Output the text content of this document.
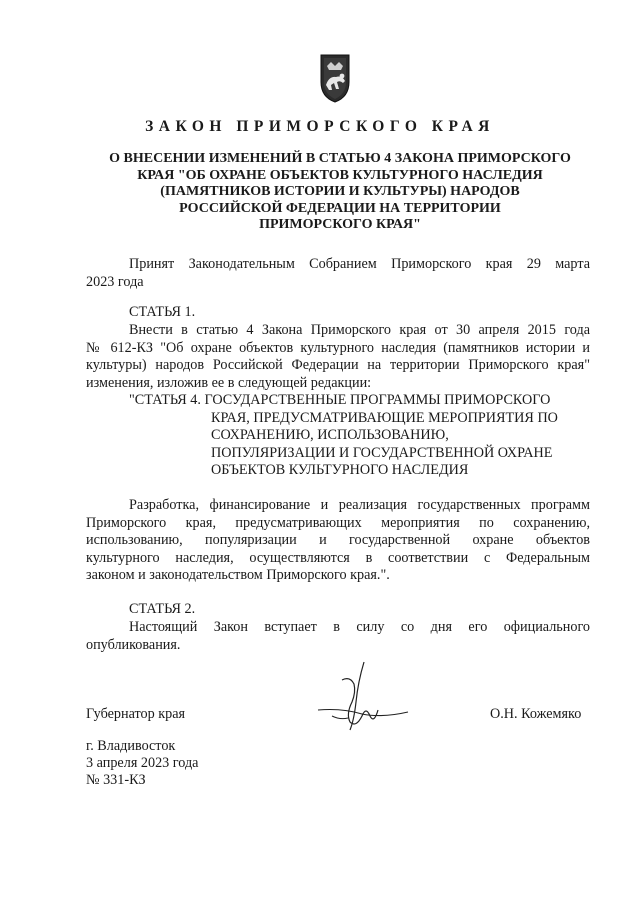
ЗАКОН ПРИМОРСКОГО КРАЯ
О ВНЕСЕНИИ ИЗМЕНЕНИЙ В СТАТЬЮ 4 ЗАКОНА ПРИМОРСКОГО
КРАЯ "ОБ ОХРАНЕ ОБЪЕКТОВ КУЛЬТУРНОГО НАСЛЕДИЯ
(ПАМЯТНИКОВ ИСТОРИИ И КУЛЬТУРЫ) НАРОДОВ
РОССИЙСКОЙ ФЕДЕРАЦИИ НА ТЕРРИТОРИИ
ПРИМОРСКОГО КРАЯ"
Принят Законодательным Собранием Приморского края 29 марта
2023 года
СТАТЬЯ 1.
Внести в статью 4 Закона Приморского края от 30 апреля 2015 года
№ 612-КЗ "Об охране объектов культурного наследия (памятников истории и
культуры) народов Российской Федерации на территории Приморского края"
изменения, изложив ее в следующей редакции:
"СТАТЬЯ 4. ГОСУДАРСТВЕННЫЕ ПРОГРАММЫ ПРИМОРСКОГО
КРАЯ, ПРЕДУСМАТРИВАЮЩИЕ МЕРОПРИЯТИЯ ПО
СОХРАНЕНИЮ, ИСПОЛЬЗОВАНИЮ,
ПОПУЛЯРИЗАЦИИ И ГОСУДАРСТВЕННОЙ ОХРАНЕ
ОБЪЕКТОВ КУЛЬТУРНОГО НАСЛЕДИЯ
Разработка, финансирование и реализация государственных программ
Приморского края, предусматривающих мероприятия по сохранению,
использованию, популяризации и государственной охране объектов
культурного наследия, осуществляются в соответствии с Федеральным
законом и законодательством Приморского края.".
СТАТЬЯ 2.
Настоящий Закон вступает в силу со дня его официального
опубликования.
Губернатор края	О.Н. Кожемяко
г. Владивосток
3 апреля 2023 года
№ 331-КЗ
